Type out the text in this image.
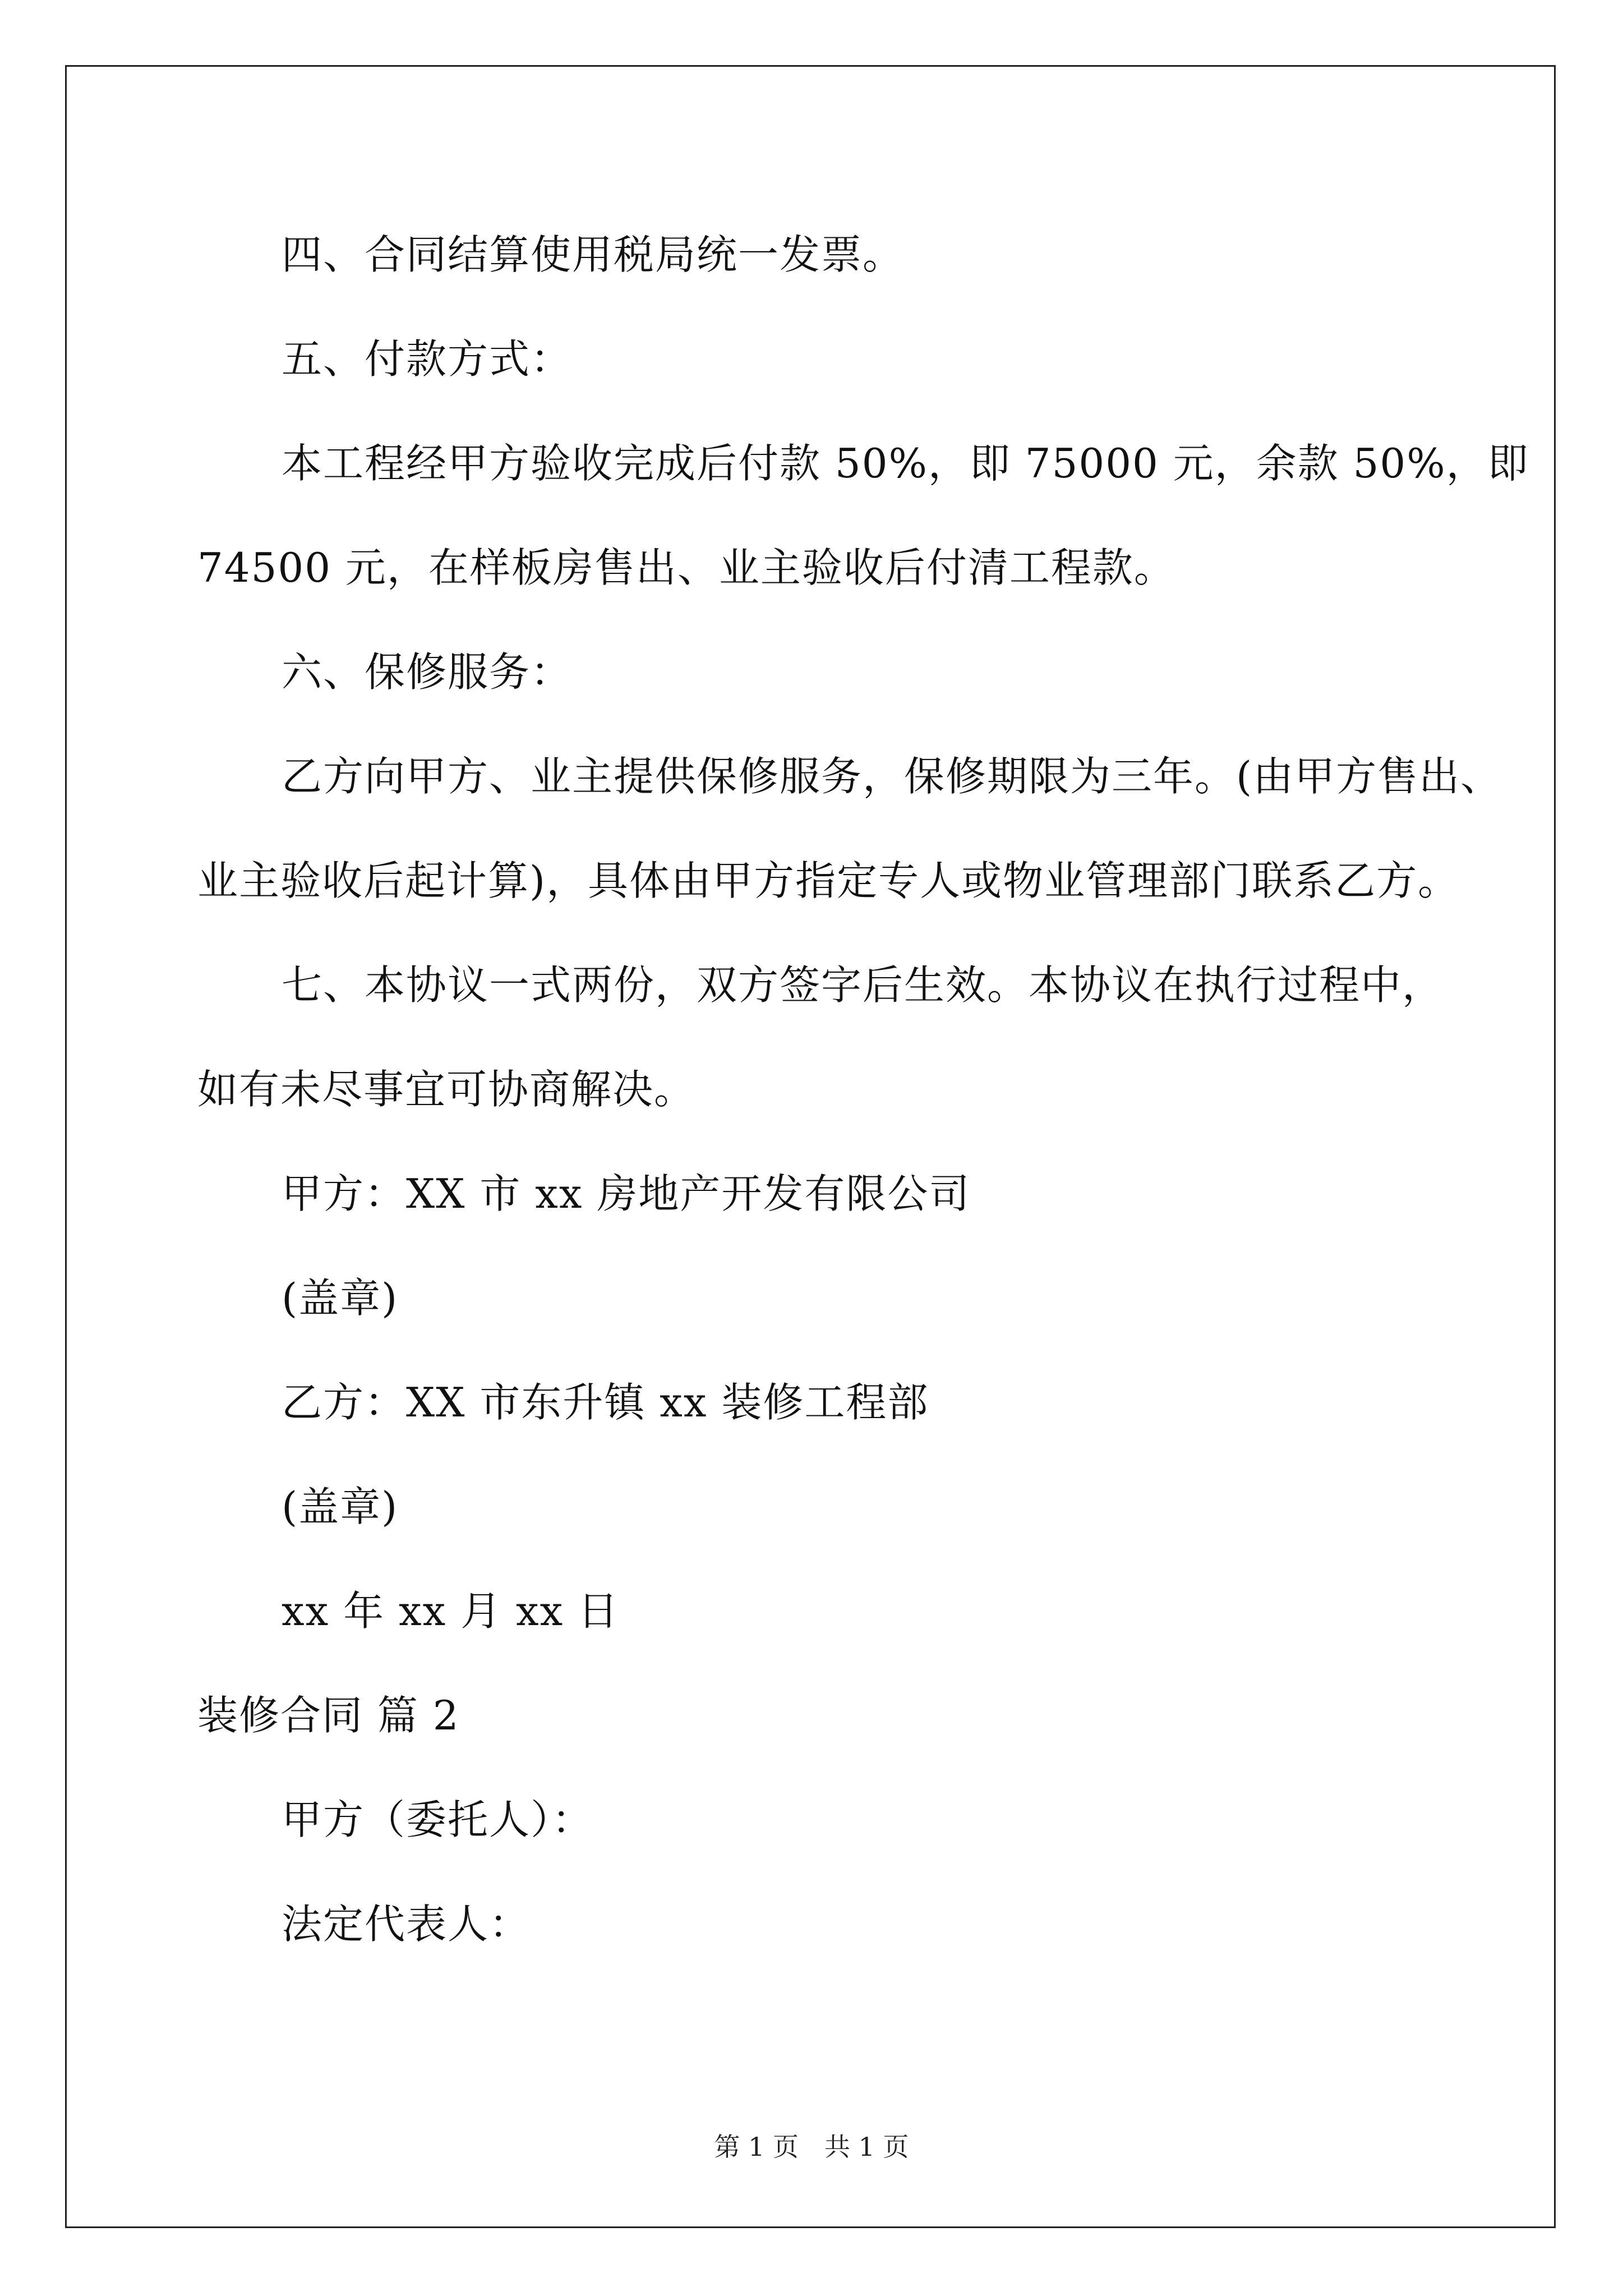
四、合同结算使用税局统一发票。
五、付款方式：
本工程经甲方验收完成后付款 50%，即 75000 元，余款 50%，即
74500 元，在样板房售出、业主验收后付清工程款。
六、保修服务：
乙方向甲方、业主提供保修服务，保修期限为三年。(由甲方售出、
业主验收后起计算)，具体由甲方指定专人或物业管理部门联系乙方。
七、本协议一式两份，双方签字后生效。本协议在执行过程中，
如有未尽事宜可协商解决。
甲方：XX 市 xx 房地产开发有限公司
(盖章)
乙方：XX 市东升镇 xx 装修工程部
(盖章)
xx 年 xx 月 xx 日
装修合同 篇 2
甲方（委托人）：
法定代表人：
第 1 页　共 1 页
